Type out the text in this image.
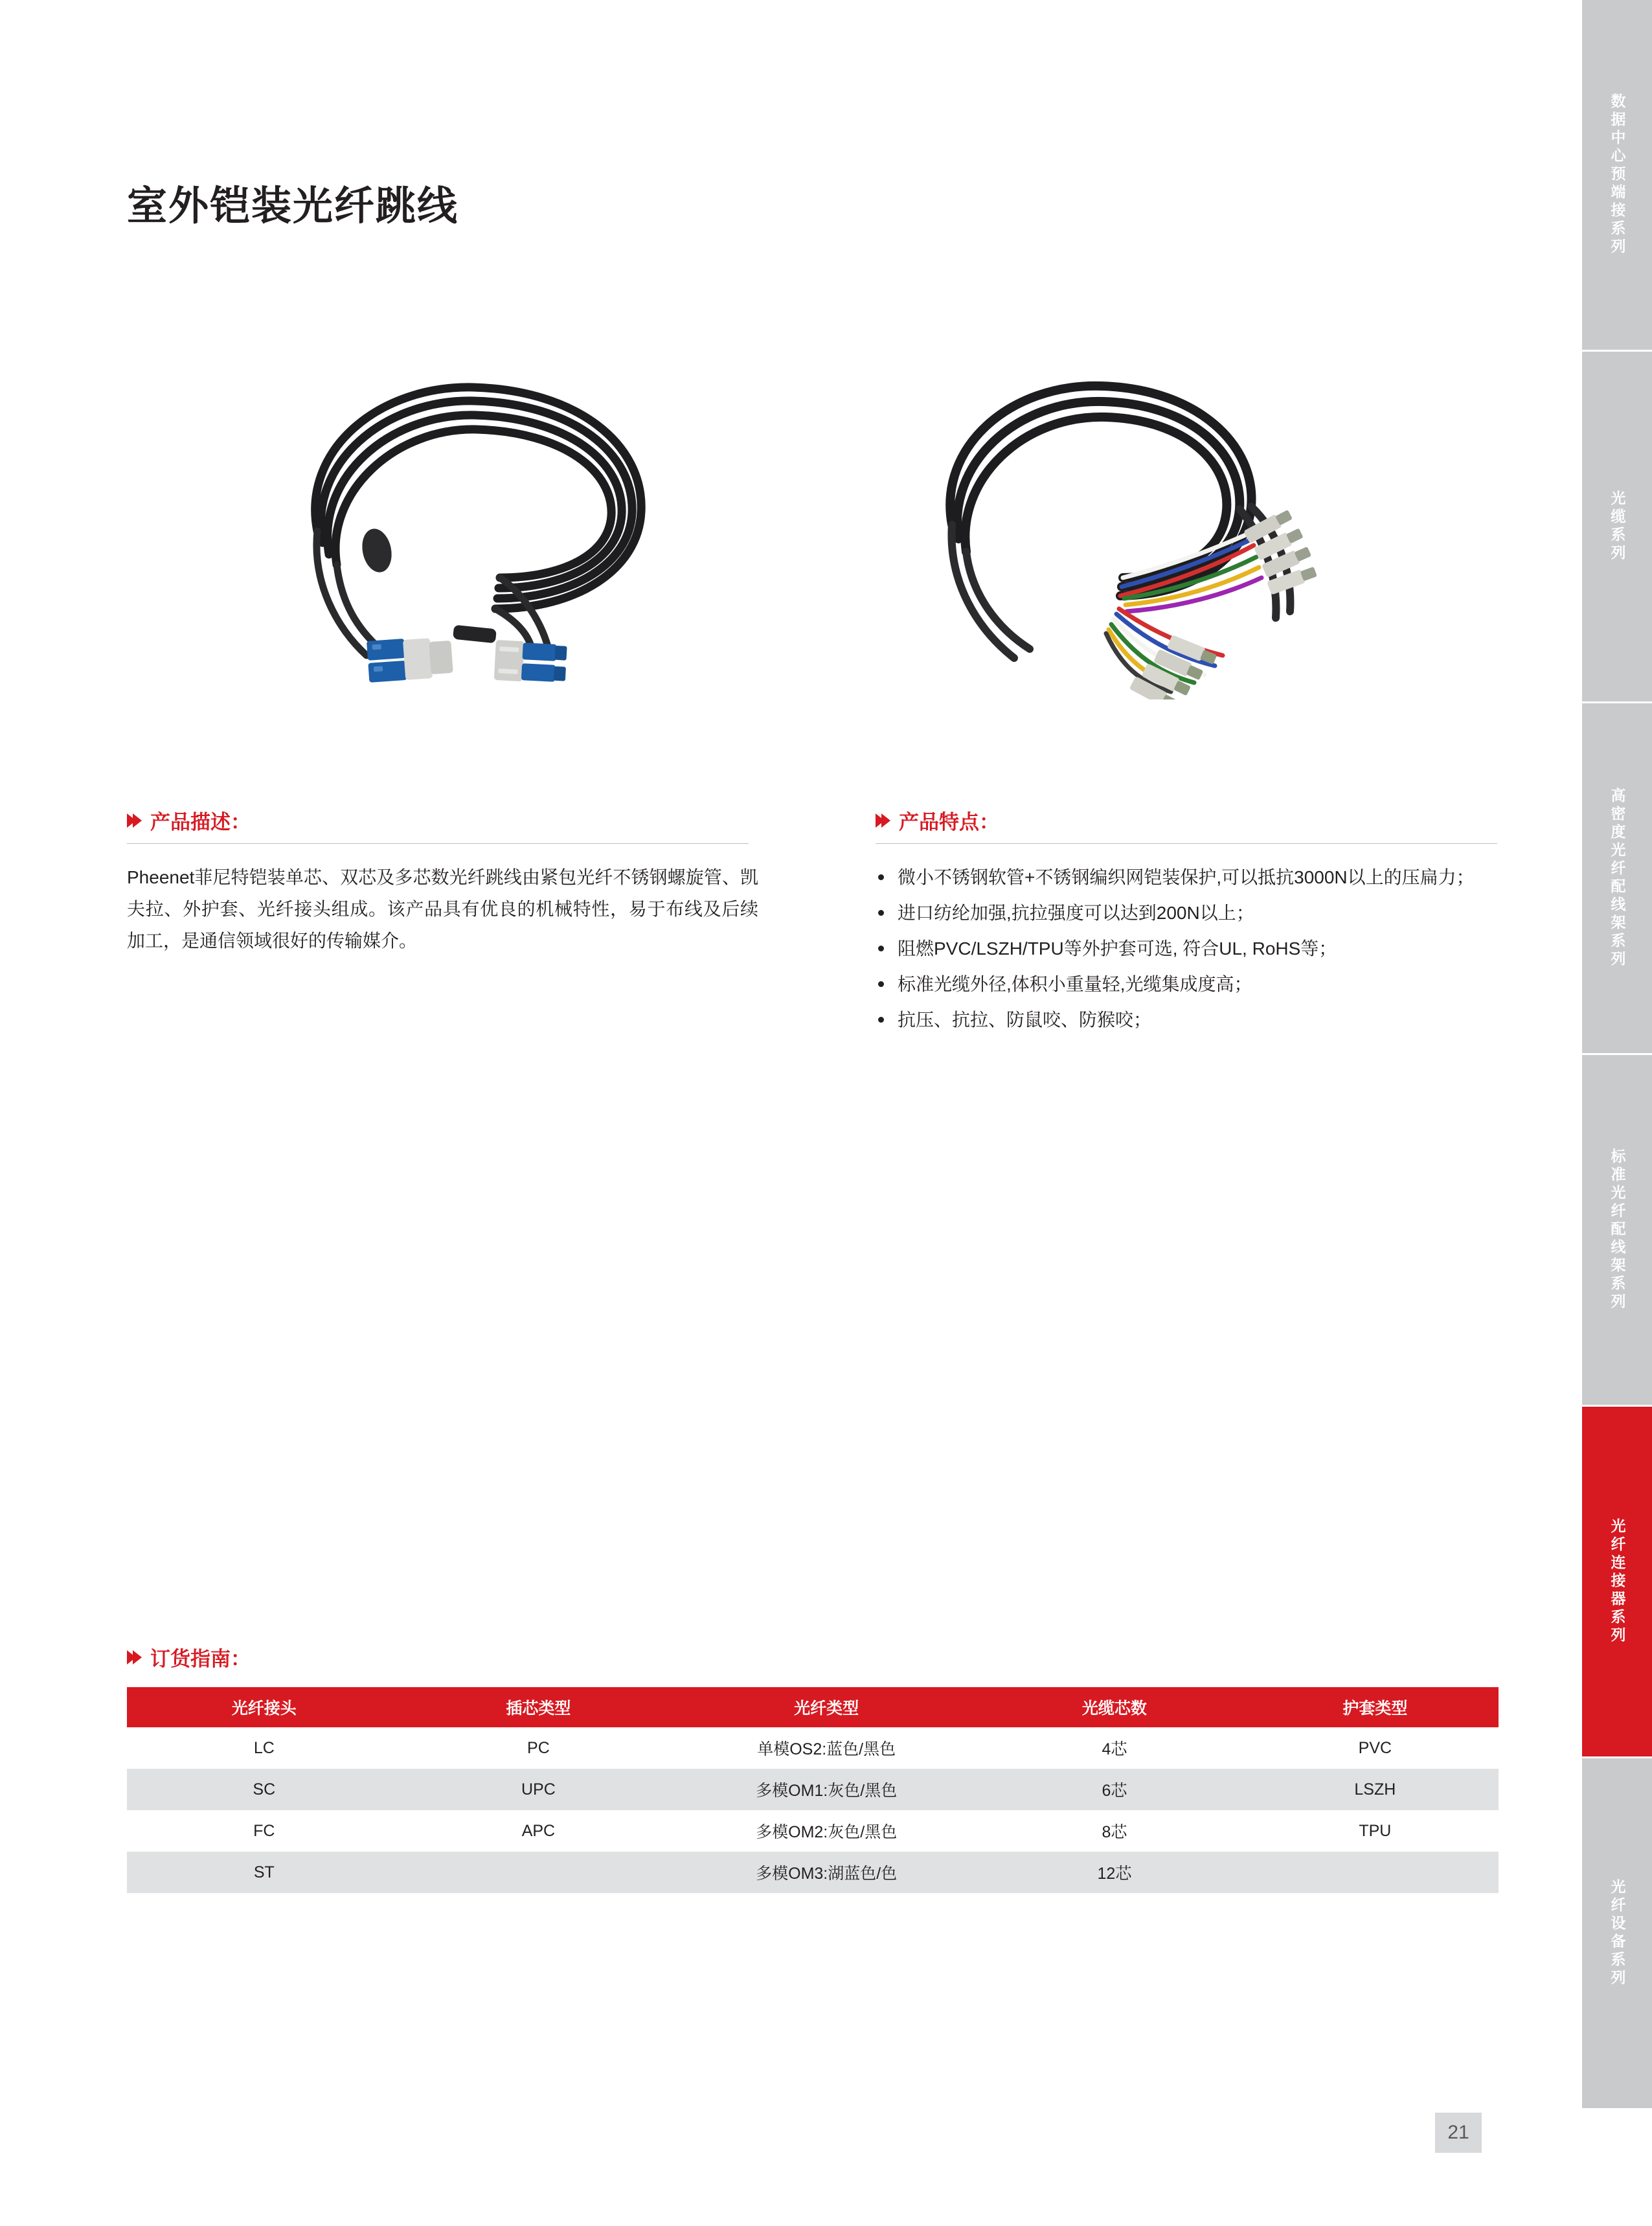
数据中心预端接系列
光缆系列
高密度光纤配线架系列
标准光纤配线架系列
光纤连接器系列
光纤设备系列
室外铠装光纤跳线
产品描述：
Pheenet菲尼特铠装单芯、双芯及多芯数光纤跳线由紧包光纤不锈钢螺旋管、凯夫拉、外护套、光纤接头组成。该产品具有优良的机械特性，易于布线及后续加工，是通信领域很好的传输媒介。
产品特点：
微小不锈钢软管+不锈钢编织网铠装保护,可以抵抗3000N以上的压扁力；
进口纺纶加强,抗拉强度可以达到200N以上；
阻燃PVC/LSZH/TPU等外护套可选, 符合UL, RoHS等；
标准光缆外径,体积小重量轻,光缆集成度高；
抗压、抗拉、防鼠咬、防猴咬；
订货指南：
光纤接头	插芯类型	光纤类型	光缆芯数	护套类型
LC	PC	单模OS2:蓝色/黑色	4芯	PVC
SC	UPC	多模OM1:灰色/黑色	6芯	LSZH
FC	APC	多模OM2:灰色/黑色	8芯	TPU
ST		多模OM3:湖蓝色/色	12芯	
21
